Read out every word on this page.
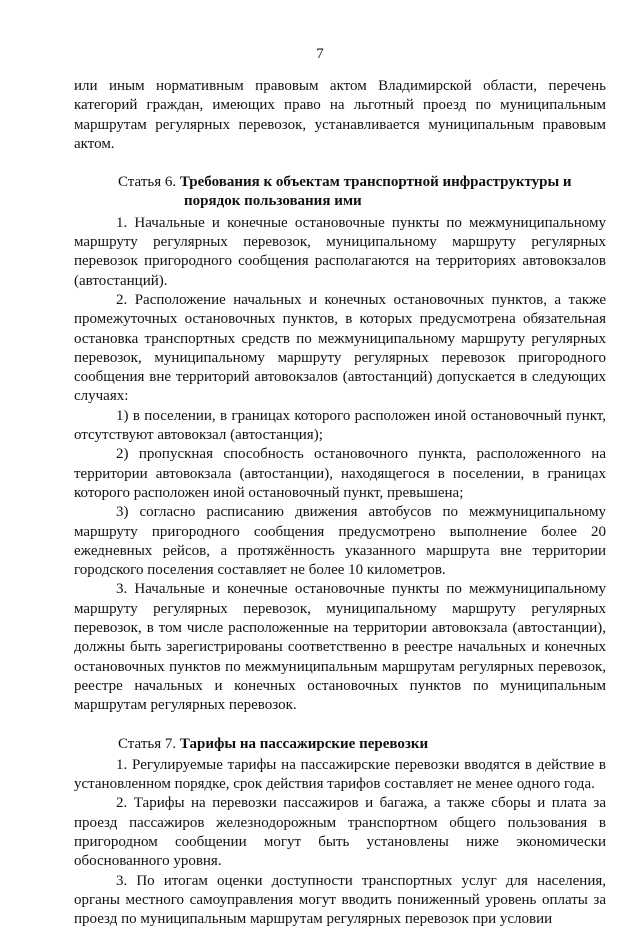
7

или иным нормативным правовым актом Владимирской области, перечень категорий граждан, имеющих право на льготный проезд по муниципальным маршрутам регулярных перевозок, устанавливается муниципальным правовым актом.

Статья 6. Требования к объектам транспортной инфраструктуры и порядок пользования ими

1. Начальные и конечные остановочные пункты по межмуниципальному маршруту регулярных перевозок, муниципальному маршруту регулярных перевозок пригородного сообщения располагаются на территориях автовокзалов (автостанций).

2. Расположение начальных и конечных остановочных пунктов, а также промежуточных остановочных пунктов, в которых предусмотрена обязательная остановка транспортных средств по межмуниципальному маршруту регулярных перевозок, муниципальному маршруту регулярных перевозок пригородного сообщения вне территорий автовокзалов (автостанций) допускается в следующих случаях:

1) в поселении, в границах которого расположен иной остановочный пункт, отсутствуют автовокзал (автостанция);

2) пропускная способность остановочного пункта, расположенного на территории автовокзала (автостанции), находящегося в поселении, в границах которого расположен иной остановочный пункт, превышена;

3) согласно расписанию движения автобусов по межмуниципальному маршруту пригородного сообщения предусмотрено выполнение более 20 ежедневных рейсов, а протяжённость указанного маршрута вне территории городского поселения составляет не более 10 километров.

3. Начальные и конечные остановочные пункты по межмуниципальному маршруту регулярных перевозок, муниципальному маршруту регулярных перевозок, в том числе расположенные на территории автовокзала (автостанции), должны быть зарегистрированы соответственно в реестре начальных и конечных остановочных пунктов по межмуниципальным маршрутам регулярных перевозок, реестре начальных и конечных остановочных пунктов по муниципальным маршрутам регулярных перевозок.

Статья 7. Тарифы на пассажирские перевозки

1. Регулируемые тарифы на пассажирские перевозки вводятся в действие в установленном порядке, срок действия тарифов составляет не менее одного года.

2. Тарифы на перевозки пассажиров и багажа, а также сборы и плата за проезд пассажиров железнодорожным транспортном общего пользования в пригородном сообщении могут быть установлены ниже экономически обоснованного уровня.

3. По итогам оценки доступности транспортных услуг для населения, органы местного самоуправления могут вводить пониженный уровень оплаты за проезд по муниципальным маршрутам регулярных перевозок при условии
